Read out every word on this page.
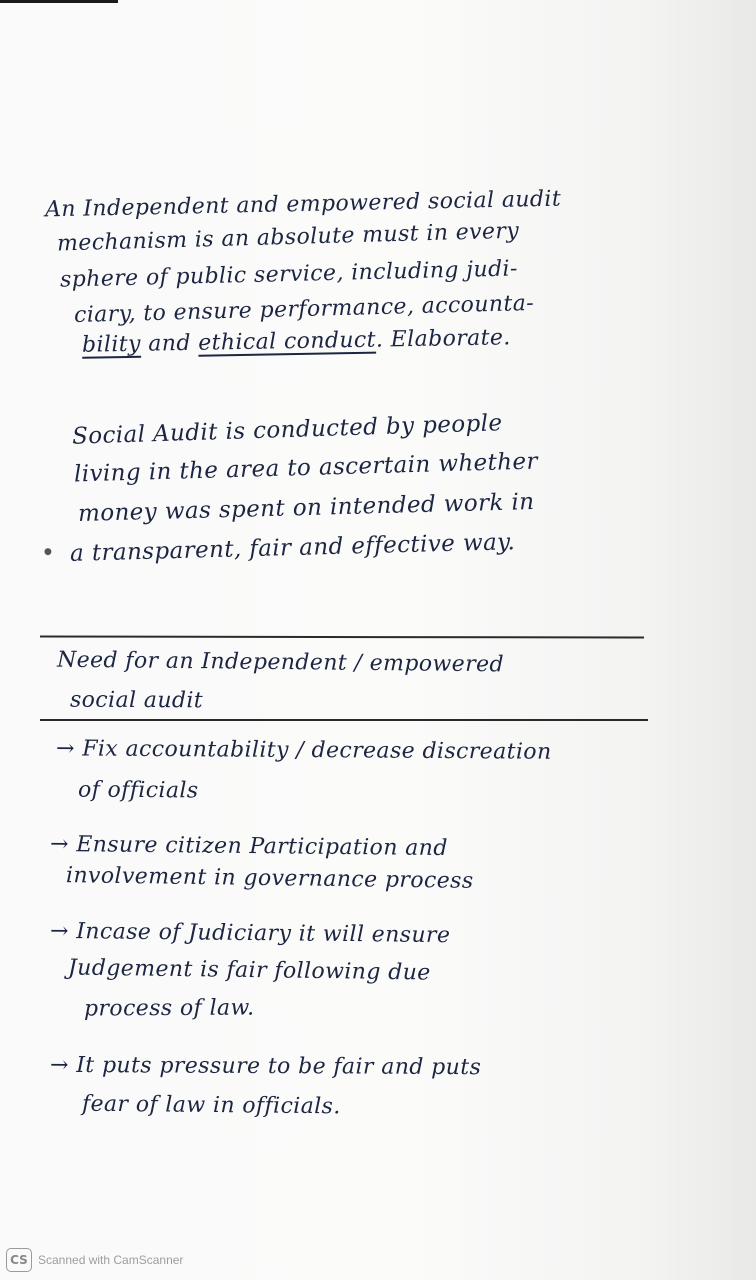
An Independent and empowered social audit
mechanism is an absolute must in every
sphere of public service, including judi-
ciary, to ensure performance, accounta-
bility and ethical conduct. Elaborate.
Social Audit is conducted by people
living in the area to ascertain whether
money was spent on intended work in
a transparent, fair and effective way.
●
Need for an Independent / empowered
social audit
→ Fix accountability / decrease discreation
of officials
→ Ensure citizen Participation and
involvement in governance process
→ Incase of Judiciary it will ensure
Judgement is fair following due
process of law.
→ It puts pressure to be fair and puts
fear of law in officials.
CS Scanned with CamScanner
